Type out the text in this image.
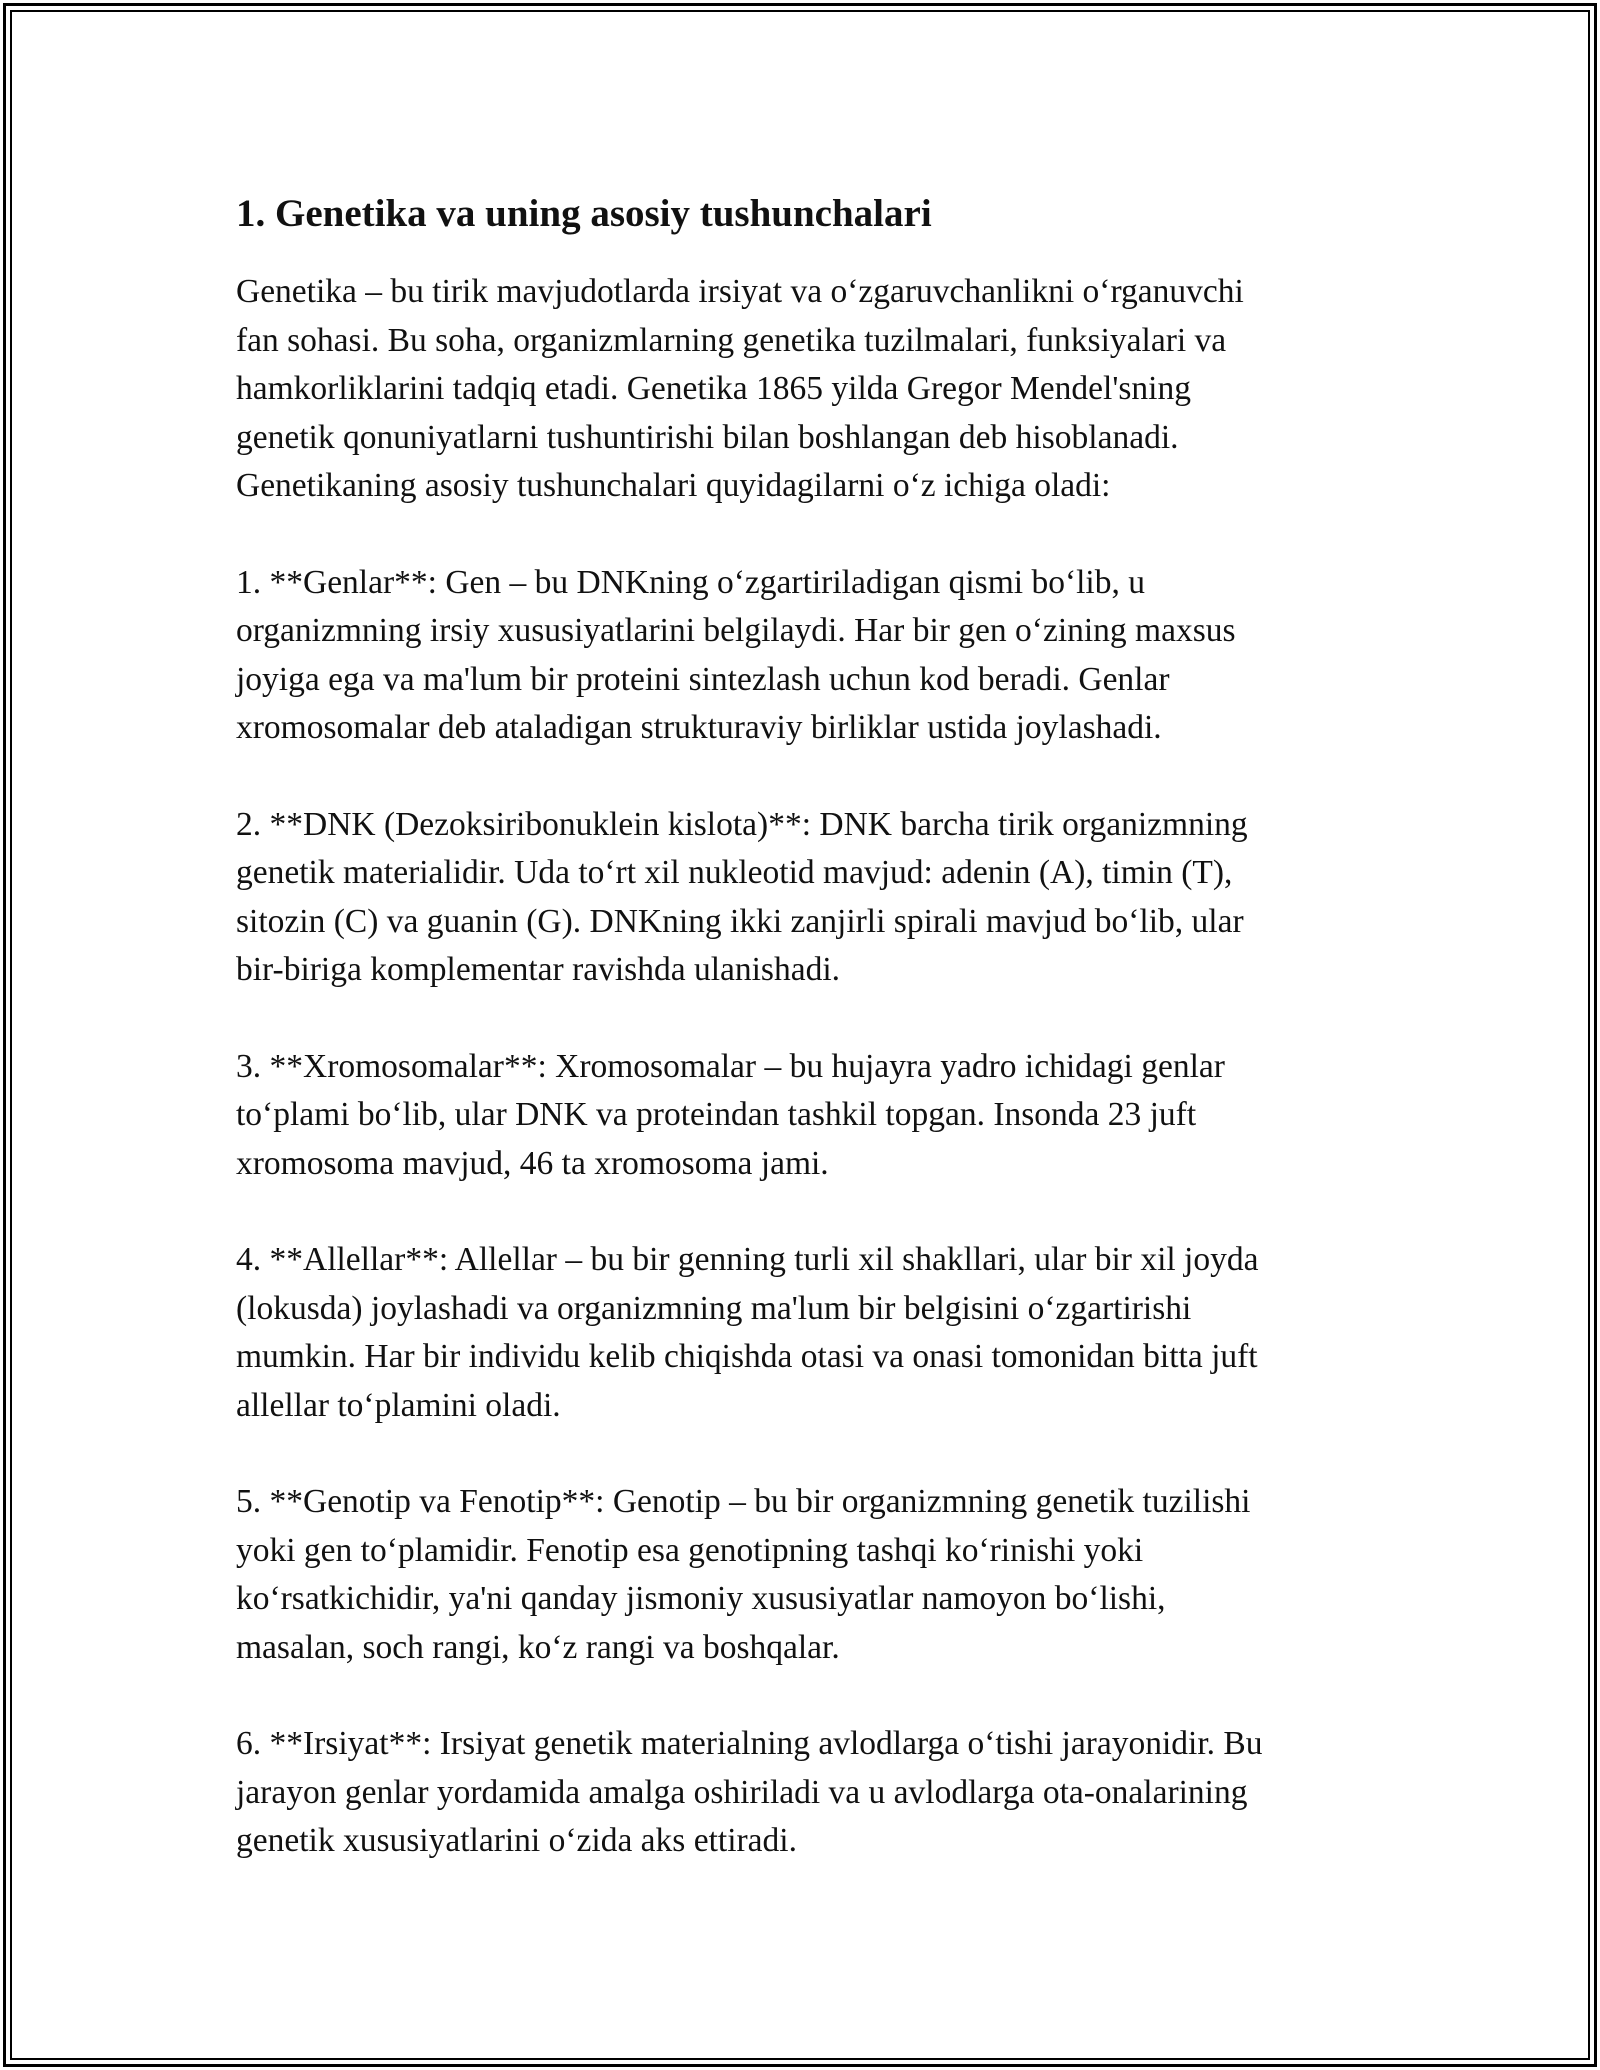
1. Genetika va uning asosiy tushunchalari

Genetika – bu tirik mavjudotlarda irsiyat va o‘zgaruvchanlikni o‘rganuvchi
fan sohasi. Bu soha, organizmlarning genetika tuzilmalari, funksiyalari va
hamkorliklarini tadqiq etadi. Genetika 1865 yilda Gregor Mendel'sning
genetik qonuniyatlarni tushuntirishi bilan boshlangan deb hisoblanadi.
Genetikaning asosiy tushunchalari quyidagilarni o‘z ichiga oladi:

1. **Genlar**: Gen – bu DNKning o‘zgartiriladigan qismi bo‘lib, u
organizmning irsiy xususiyatlarini belgilaydi. Har bir gen o‘zining maxsus
joyiga ega va ma'lum bir proteini sintezlash uchun kod beradi. Genlar
xromosomalar deb ataladigan strukturaviy birliklar ustida joylashadi.

2. **DNK (Dezoksiribonuklein kislota)**: DNK barcha tirik organizmning
genetik materialidir. Uda to‘rt xil nukleotid mavjud: adenin (A), timin (T),
sitozin (C) va guanin (G). DNKning ikki zanjirli spirali mavjud bo‘lib, ular
bir-biriga komplementar ravishda ulanishadi.

3. **Xromosomalar**: Xromosomalar – bu hujayra yadro ichidagi genlar
to‘plami bo‘lib, ular DNK va proteindan tashkil topgan. Insonda 23 juft
xromosoma mavjud, 46 ta xromosoma jami.

4. **Allellar**: Allellar – bu bir genning turli xil shakllari, ular bir xil joyda
(lokusda) joylashadi va organizmning ma'lum bir belgisini o‘zgartirishi
mumkin. Har bir individu kelib chiqishda otasi va onasi tomonidan bitta juft
allellar to‘plamini oladi.

5. **Genotip va Fenotip**: Genotip – bu bir organizmning genetik tuzilishi
yoki gen to‘plamidir. Fenotip esa genotipning tashqi ko‘rinishi yoki
ko‘rsatkichidir, ya'ni qanday jismoniy xususiyatlar namoyon bo‘lishi,
masalan, soch rangi, ko‘z rangi va boshqalar.

6. **Irsiyat**: Irsiyat genetik materialning avlodlarga o‘tishi jarayonidir. Bu
jarayon genlar yordamida amalga oshiriladi va u avlodlarga ota-onalarining
genetik xususiyatlarini o‘zida aks ettiradi.
